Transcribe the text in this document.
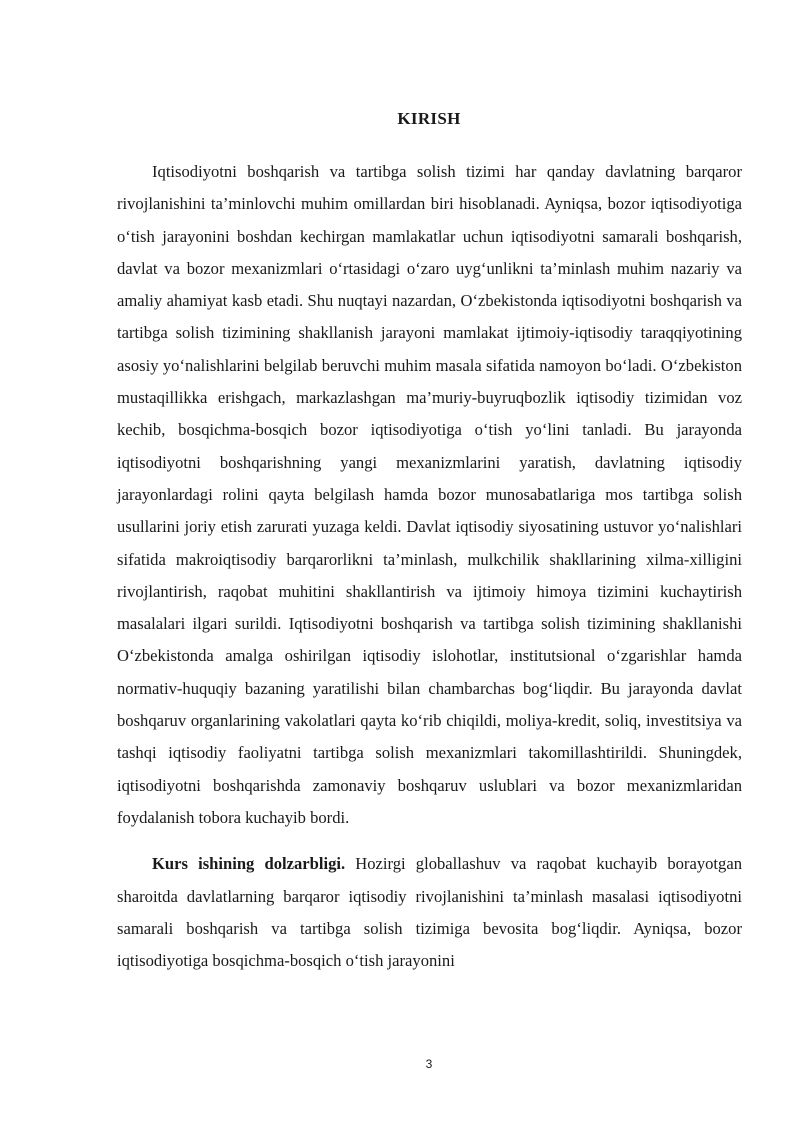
KIRISH

Iqtisodiyotni boshqarish va tartibga solish tizimi har qanday davlatning barqaror rivojlanishini ta’minlovchi muhim omillardan biri hisoblanadi. Ayniqsa, bozor iqtisodiyotiga o‘tish jarayonini boshdan kechirgan mamlakatlar uchun iqtisodiyotni samarali boshqarish, davlat va bozor mexanizmlari o‘rtasidagi o‘zaro uyg‘unlikni ta’minlash muhim nazariy va amaliy ahamiyat kasb etadi. Shu nuqtayi nazardan, O‘zbekistonda iqtisodiyotni boshqarish va tartibga solish tizimining shakllanish jarayoni mamlakat ijtimoiy-iqtisodiy taraqqiyotining asosiy yo‘nalishlarini belgilab beruvchi muhim masala sifatida namoyon bo‘ladi. O‘zbekiston mustaqillikka erishgach, markazlashgan ma’muriy-buyruqbozlik iqtisodiy tizimidan voz kechib, bosqichma-bosqich bozor iqtisodiyotiga o‘tish yo‘lini tanladi. Bu jarayonda iqtisodiyotni boshqarishning yangi mexanizmlarini yaratish, davlatning iqtisodiy jarayonlardagi rolini qayta belgilash hamda bozor munosabatlariga mos tartibga solish usullarini joriy etish zarurati yuzaga keldi. Davlat iqtisodiy siyosatining ustuvor yo‘nalishlari sifatida makroiqtisodiy barqarorlikni ta’minlash, mulkchilik shakllarining xilma-xilligini rivojlantirish, raqobat muhitini shakllantirish va ijtimoiy himoya tizimini kuchaytirish masalalari ilgari surildi. Iqtisodiyotni boshqarish va tartibga solish tizimining shakllanishi O‘zbekistonda amalga oshirilgan iqtisodiy islohotlar, institutsional o‘zgarishlar hamda normativ-huquqiy bazaning yaratilishi bilan chambarchas bog‘liqdir. Bu jarayonda davlat boshqaruv organlarining vakolatlari qayta ko‘rib chiqildi, moliya-kredit, soliq, investitsiya va tashqi iqtisodiy faoliyatni tartibga solish mexanizmlari takomillashtirildi. Shuningdek, iqtisodiyotni boshqarishda zamonaviy boshqaruv uslublari va bozor mexanizmlaridan foydalanish tobora kuchayib bordi.

Kurs ishining dolzarbligi. Hozirgi globallashuv va raqobat kuchayib borayotgan sharoitda davlatlarning barqaror iqtisodiy rivojlanishini ta’minlash masalasi iqtisodiyotni samarali boshqarish va tartibga solish tizimiga bevosita bog‘liqdir. Ayniqsa, bozor iqtisodiyotiga bosqichma-bosqich o‘tish jarayonini

3
